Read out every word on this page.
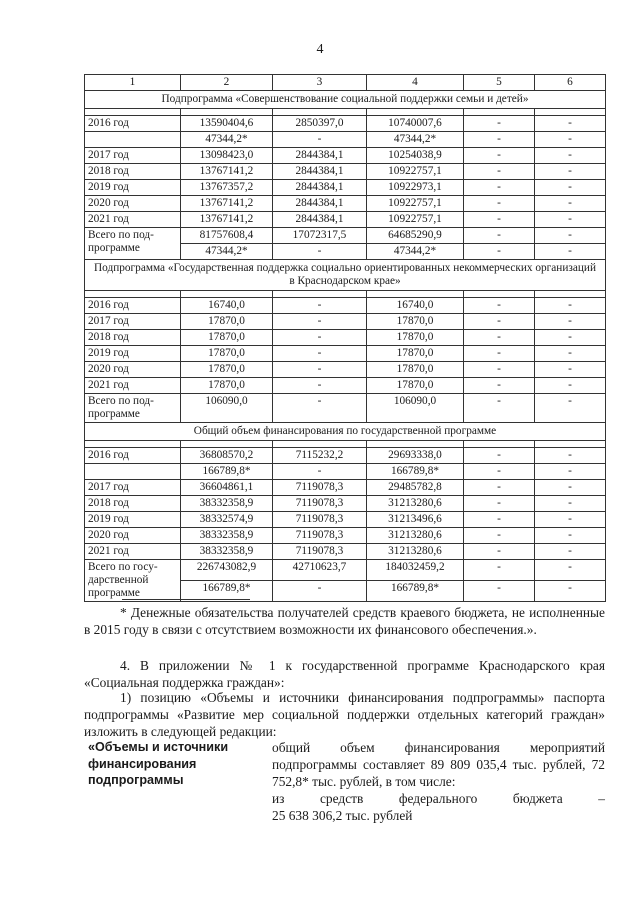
4
1	2	3	4	5	6
Подпрограмма «Совершенствование социальной поддержки семьи и детей»					

2016 год	13590404,6	2850397,0	10740007,6	-	-
	47344,2*	-	47344,2*	-	-
2017 год	13098423,0	2844384,1	10254038,9	-	-
2018 год	13767141,2	2844384,1	10922757,1	-	-
2019 год	13767357,2	2844384,1	10922973,1	-	-
2020 год	13767141,2	2844384,1	10922757,1	-	-
2021 год	13767141,2	2844384,1	10922757,1	-	-

Всего по под-
программе	81757608,4	17072317,5	64685290,9	-	-
	47344,2*	-	47344,2*	-	-
Подпрограмма «Государственная поддержка социально ориентированных некоммерческих организаций в Краснодарском крае»					

2016 год	16740,0	-	16740,0	-	-
2017 год	17870,0	-	17870,0	-	-
2018 год	17870,0	-	17870,0	-	-
2019 год	17870,0	-	17870,0	-	-
2020 год	17870,0	-	17870,0	-	-
2021 год	17870,0	-	17870,0	-	-

Всего по под-
программе	106090,0	-	106090,0	-	-
Общий объем финансирования по государственной программе					

2016 год	36808570,2	7115232,2	29693338,0	-	-
	166789,8*	-	166789,8*	-	-
2017 год	36604861,1	7119078,3	29485782,8	-	-
2018 год	38332358,9	7119078,3	31213280,6	-	-
2019 год	38332574,9	7119078,3	31213496,6	-	-
2020 год	38332358,9	7119078,3	31213280,6	-	-
2021 год	38332358,9	7119078,3	31213280,6	-	-

Всего по госу-
дарственной
программе	226743082,9	42710623,7	184032459,2	-	-
	166789,8*	-	166789,8*	-	-
* Денежные обязательства получателей средств краевого бюджета, не исполненные в 2015 году в связи с отсутствием возможности их финансового обеспечения.».
4. В приложении № 1 к государственной программе Краснодарского края «Социальная поддержка граждан»:
1) позицию «Объемы и источники финансирования подпрограммы» паспорта подпрограммы «Развитие мер социальной поддержки отдельных категорий граждан» изложить в следующей редакции:
«Объемы и источники финансирования подпрограммы
общий объем финансирования мероприятий подпрограммы составляет 89 809 035,4 тыс. рублей, 72 752,8* тыс. рублей, в том числе:
из	средств	федерального	бюджета	–
25 638 306,2 тыс. рублей
